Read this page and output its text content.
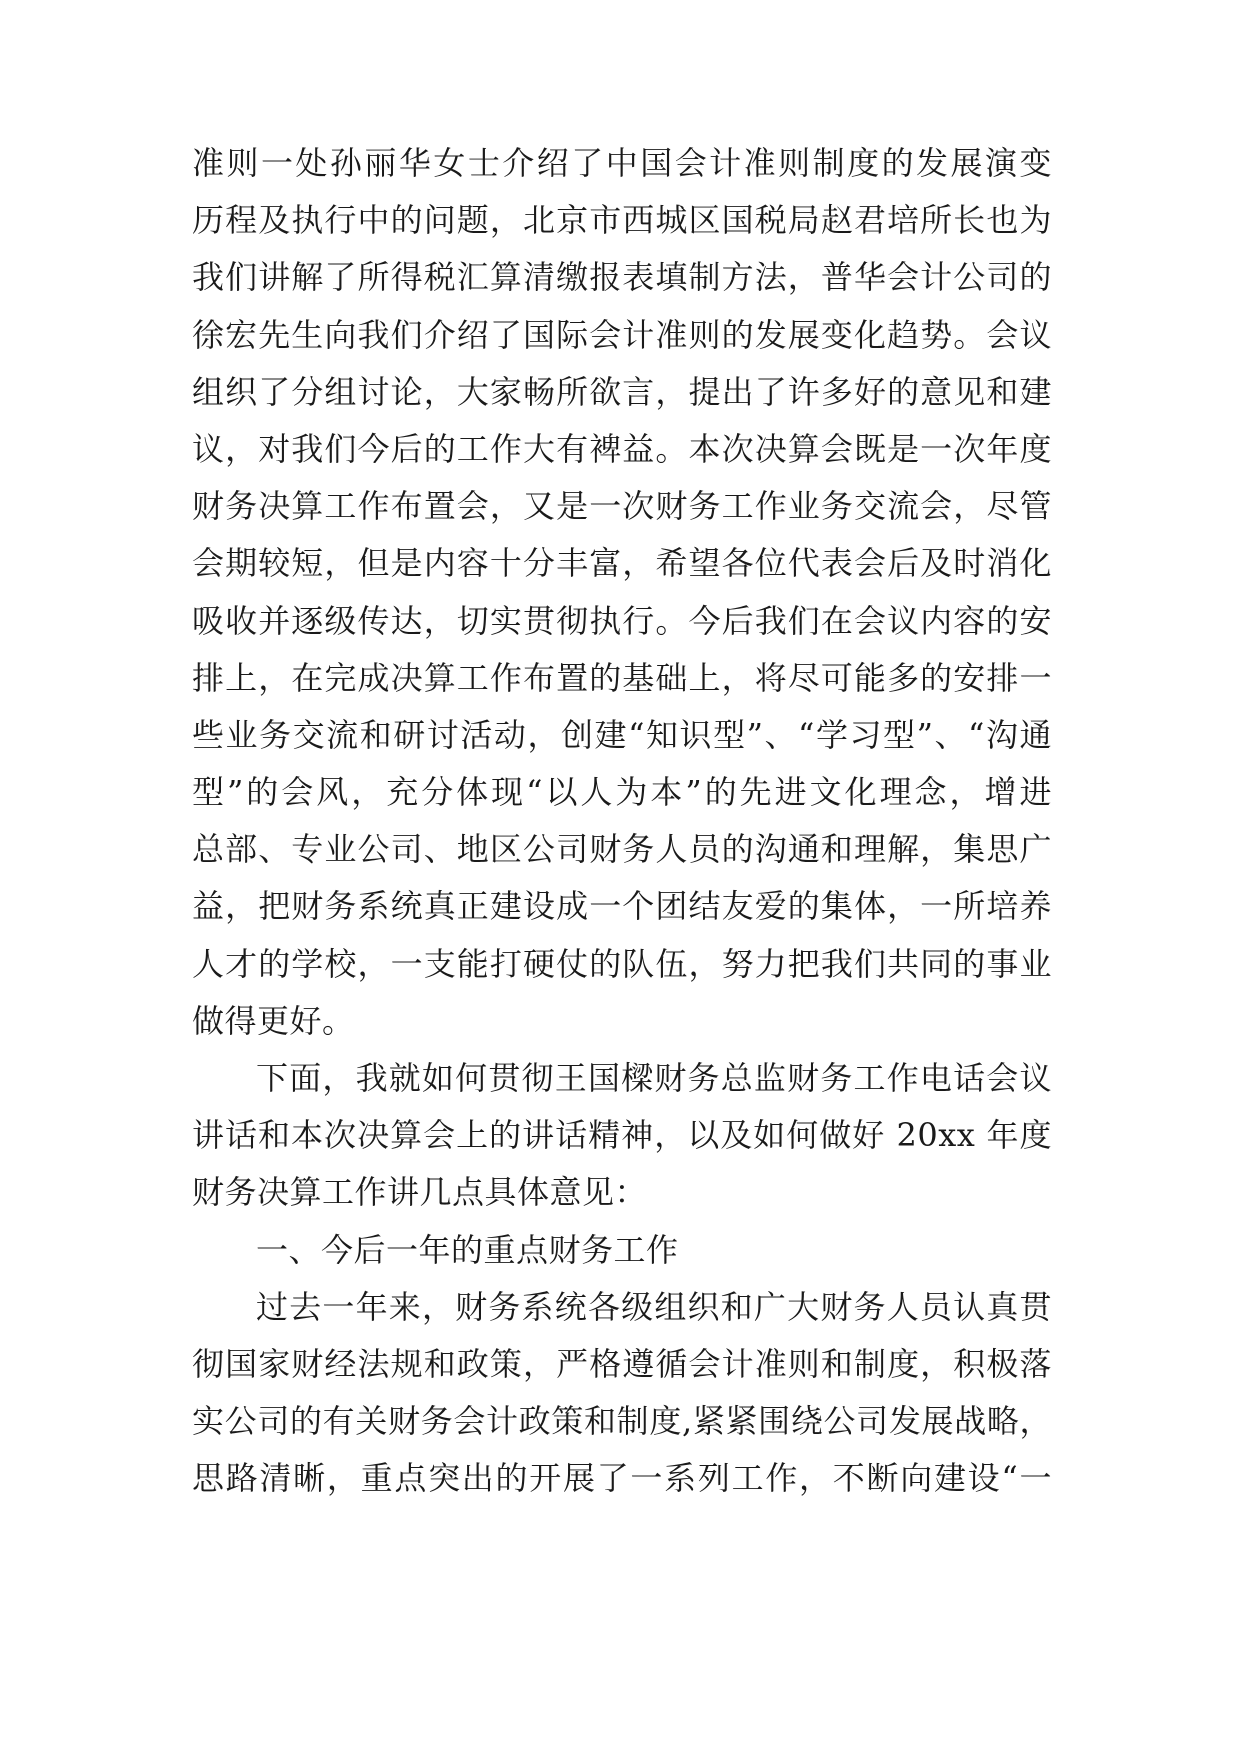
准则一处孙丽华女士介绍了中国会计准则制度的发展演变
历程及执行中的问题，北京市西城区国税局赵君培所长也为
我们讲解了所得税汇算清缴报表填制方法，普华会计公司的
徐宏先生向我们介绍了国际会计准则的发展变化趋势。会议
组织了分组讨论，大家畅所欲言，提出了许多好的意见和建
议，对我们今后的工作大有裨益。本次决算会既是一次年度
财务决算工作布置会，又是一次财务工作业务交流会，尽管
会期较短，但是内容十分丰富，希望各位代表会后及时消化
吸收并逐级传达，切实贯彻执行。今后我们在会议内容的安
排上，在完成决算工作布置的基础上，将尽可能多的安排一
些业务交流和研讨活动，创建“知识型”、“学习型”、“沟通
型”的会风，充分体现“以人为本”的先进文化理念，增进
总部、专业公司、地区公司财务人员的沟通和理解，集思广
益，把财务系统真正建设成一个团结友爱的集体，一所培养
人才的学校，一支能打硬仗的队伍，努力把我们共同的事业
做得更好。
下面，我就如何贯彻王国樑财务总监财务工作电话会议
讲话和本次决算会上的讲话精神，以及如何做好 20xx 年度
财务决算工作讲几点具体意见：
一、今后一年的重点财务工作
过去一年来，财务系统各级组织和广大财务人员认真贯
彻国家财经法规和政策，严格遵循会计准则和制度，积极落
实公司的有关财务会计政策和制度,紧紧围绕公司发展战略，
思路清晰，重点突出的开展了一系列工作，不断向建设“一
